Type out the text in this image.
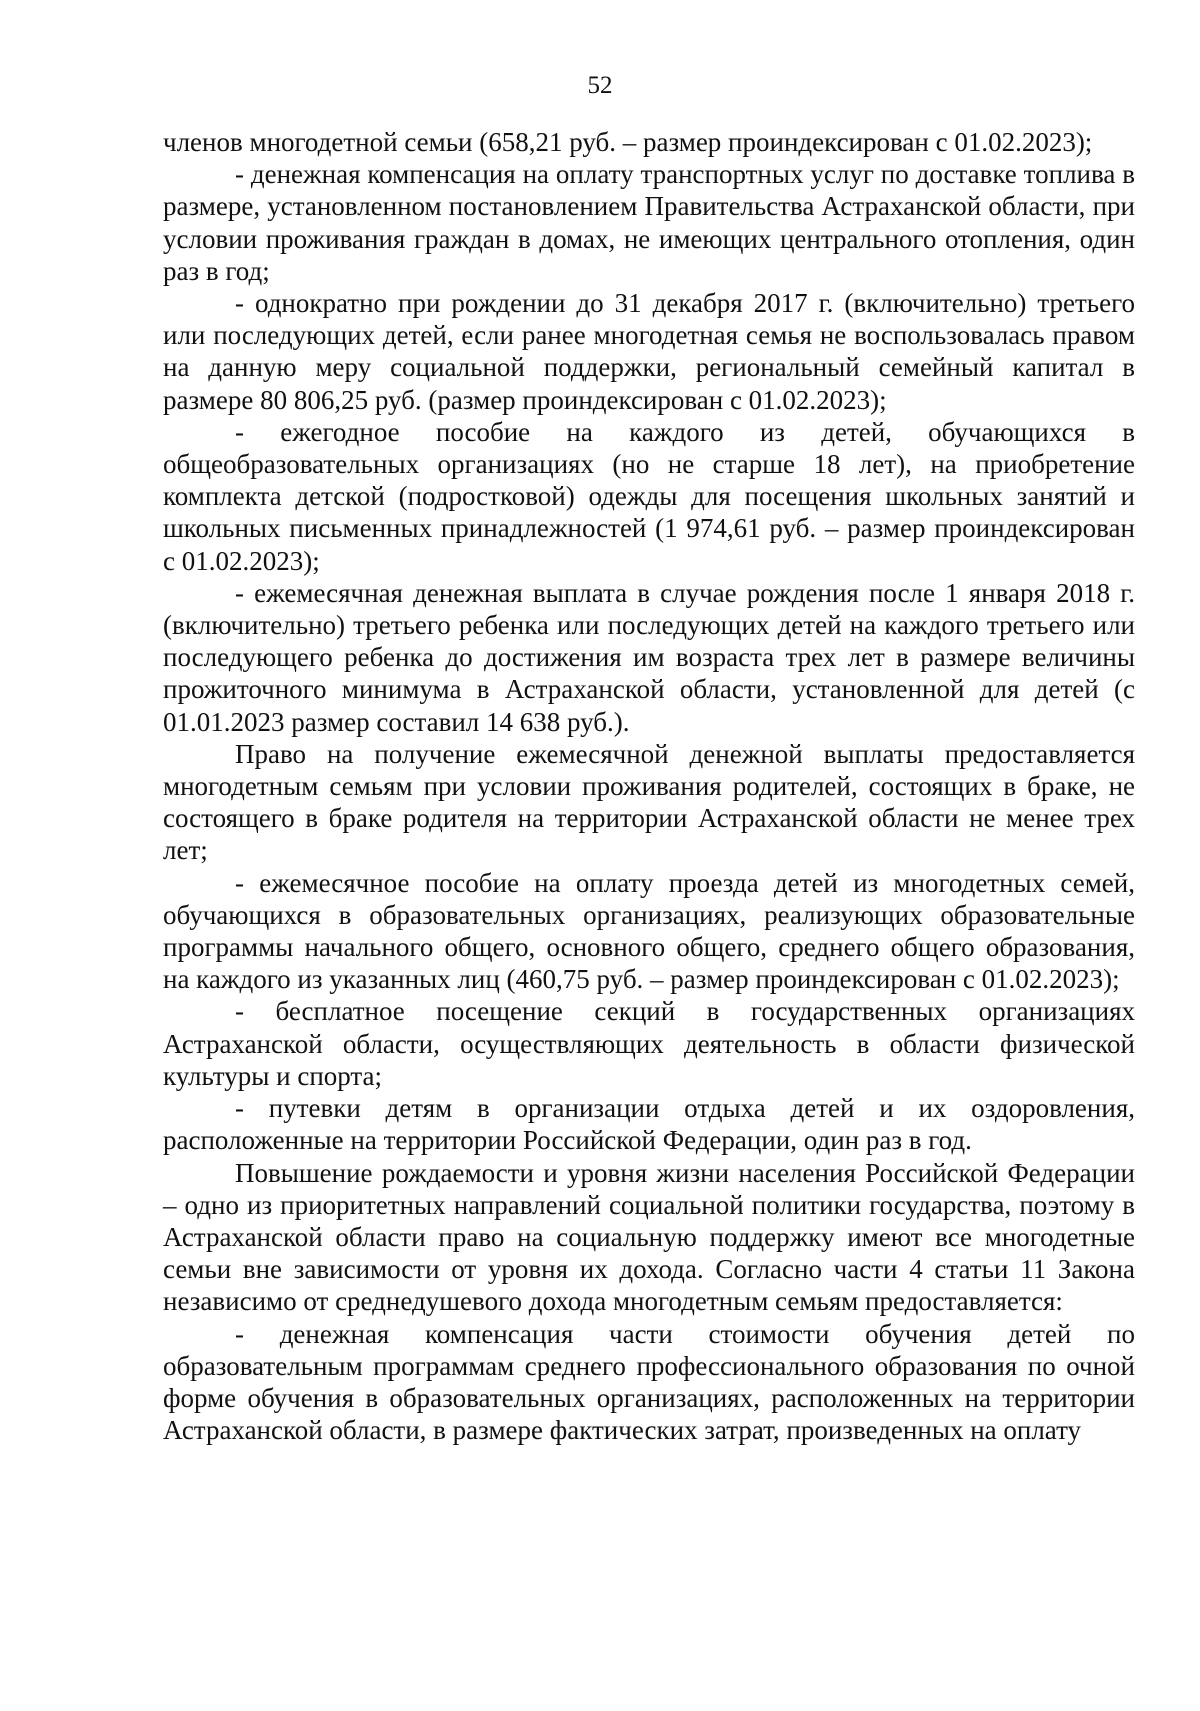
52

членов многодетной семьи (658,21 руб. – размер проиндексирован с 01.02.2023);

- денежная компенсация на оплату транспортных услуг по доставке топлива в размере, установленном постановлением Правительства Астраханской области, при условии проживания граждан в домах, не имеющих центрального отопления, один раз в год;

- однократно при рождении до 31 декабря 2017 г. (включительно) третьего или последующих детей, если ранее многодетная семья не воспользовалась правом на данную меру социальной поддержки, региональный семейный капитал в размере 80 806,25 руб. (размер проиндексирован с 01.02.2023);

- ежегодное пособие на каждого из детей, обучающихся в общеобразовательных организациях (но не старше 18 лет), на приобретение комплекта детской (подростковой) одежды для посещения школьных занятий и школьных письменных принадлежностей (1 974,61 руб. – размер проиндексирован с 01.02.2023);

- ежемесячная денежная выплата в случае рождения после 1 января 2018 г. (включительно) третьего ребенка или последующих детей на каждого третьего или последующего ребенка до достижения им возраста трех лет в размере величины прожиточного минимума в Астраханской области, установленной для детей (с 01.01.2023 размер составил 14 638 руб.).

Право на получение ежемесячной денежной выплаты предоставляется многодетным семьям при условии проживания родителей, состоящих в браке, не состоящего в браке родителя на территории Астраханской области не менее трех лет;

- ежемесячное пособие на оплату проезда детей из многодетных семей, обучающихся в образовательных организациях, реализующих образовательные программы начального общего, основного общего, среднего общего образования, на каждого из указанных лиц (460,75 руб. – размер проиндексирован с 01.02.2023);

- бесплатное посещение секций в государственных организациях Астраханской области, осуществляющих деятельность в области физической культуры и спорта;

- путевки детям в организации отдыха детей и их оздоровления, расположенные на территории Российской Федерации, один раз в год.

Повышение рождаемости и уровня жизни населения Российской Федерации – одно из приоритетных направлений социальной политики государства, поэтому в Астраханской области право на социальную поддержку имеют все многодетные семьи вне зависимости от уровня их дохода. Согласно части 4 статьи 11 Закона независимо от среднедушевого дохода многодетным семьям предоставляется:

- денежная компенсация части стоимости обучения детей по образовательным программам среднего профессионального образования по очной форме обучения в образовательных организациях, расположенных на территории Астраханской области, в размере фактических затрат, произведенных на оплату
